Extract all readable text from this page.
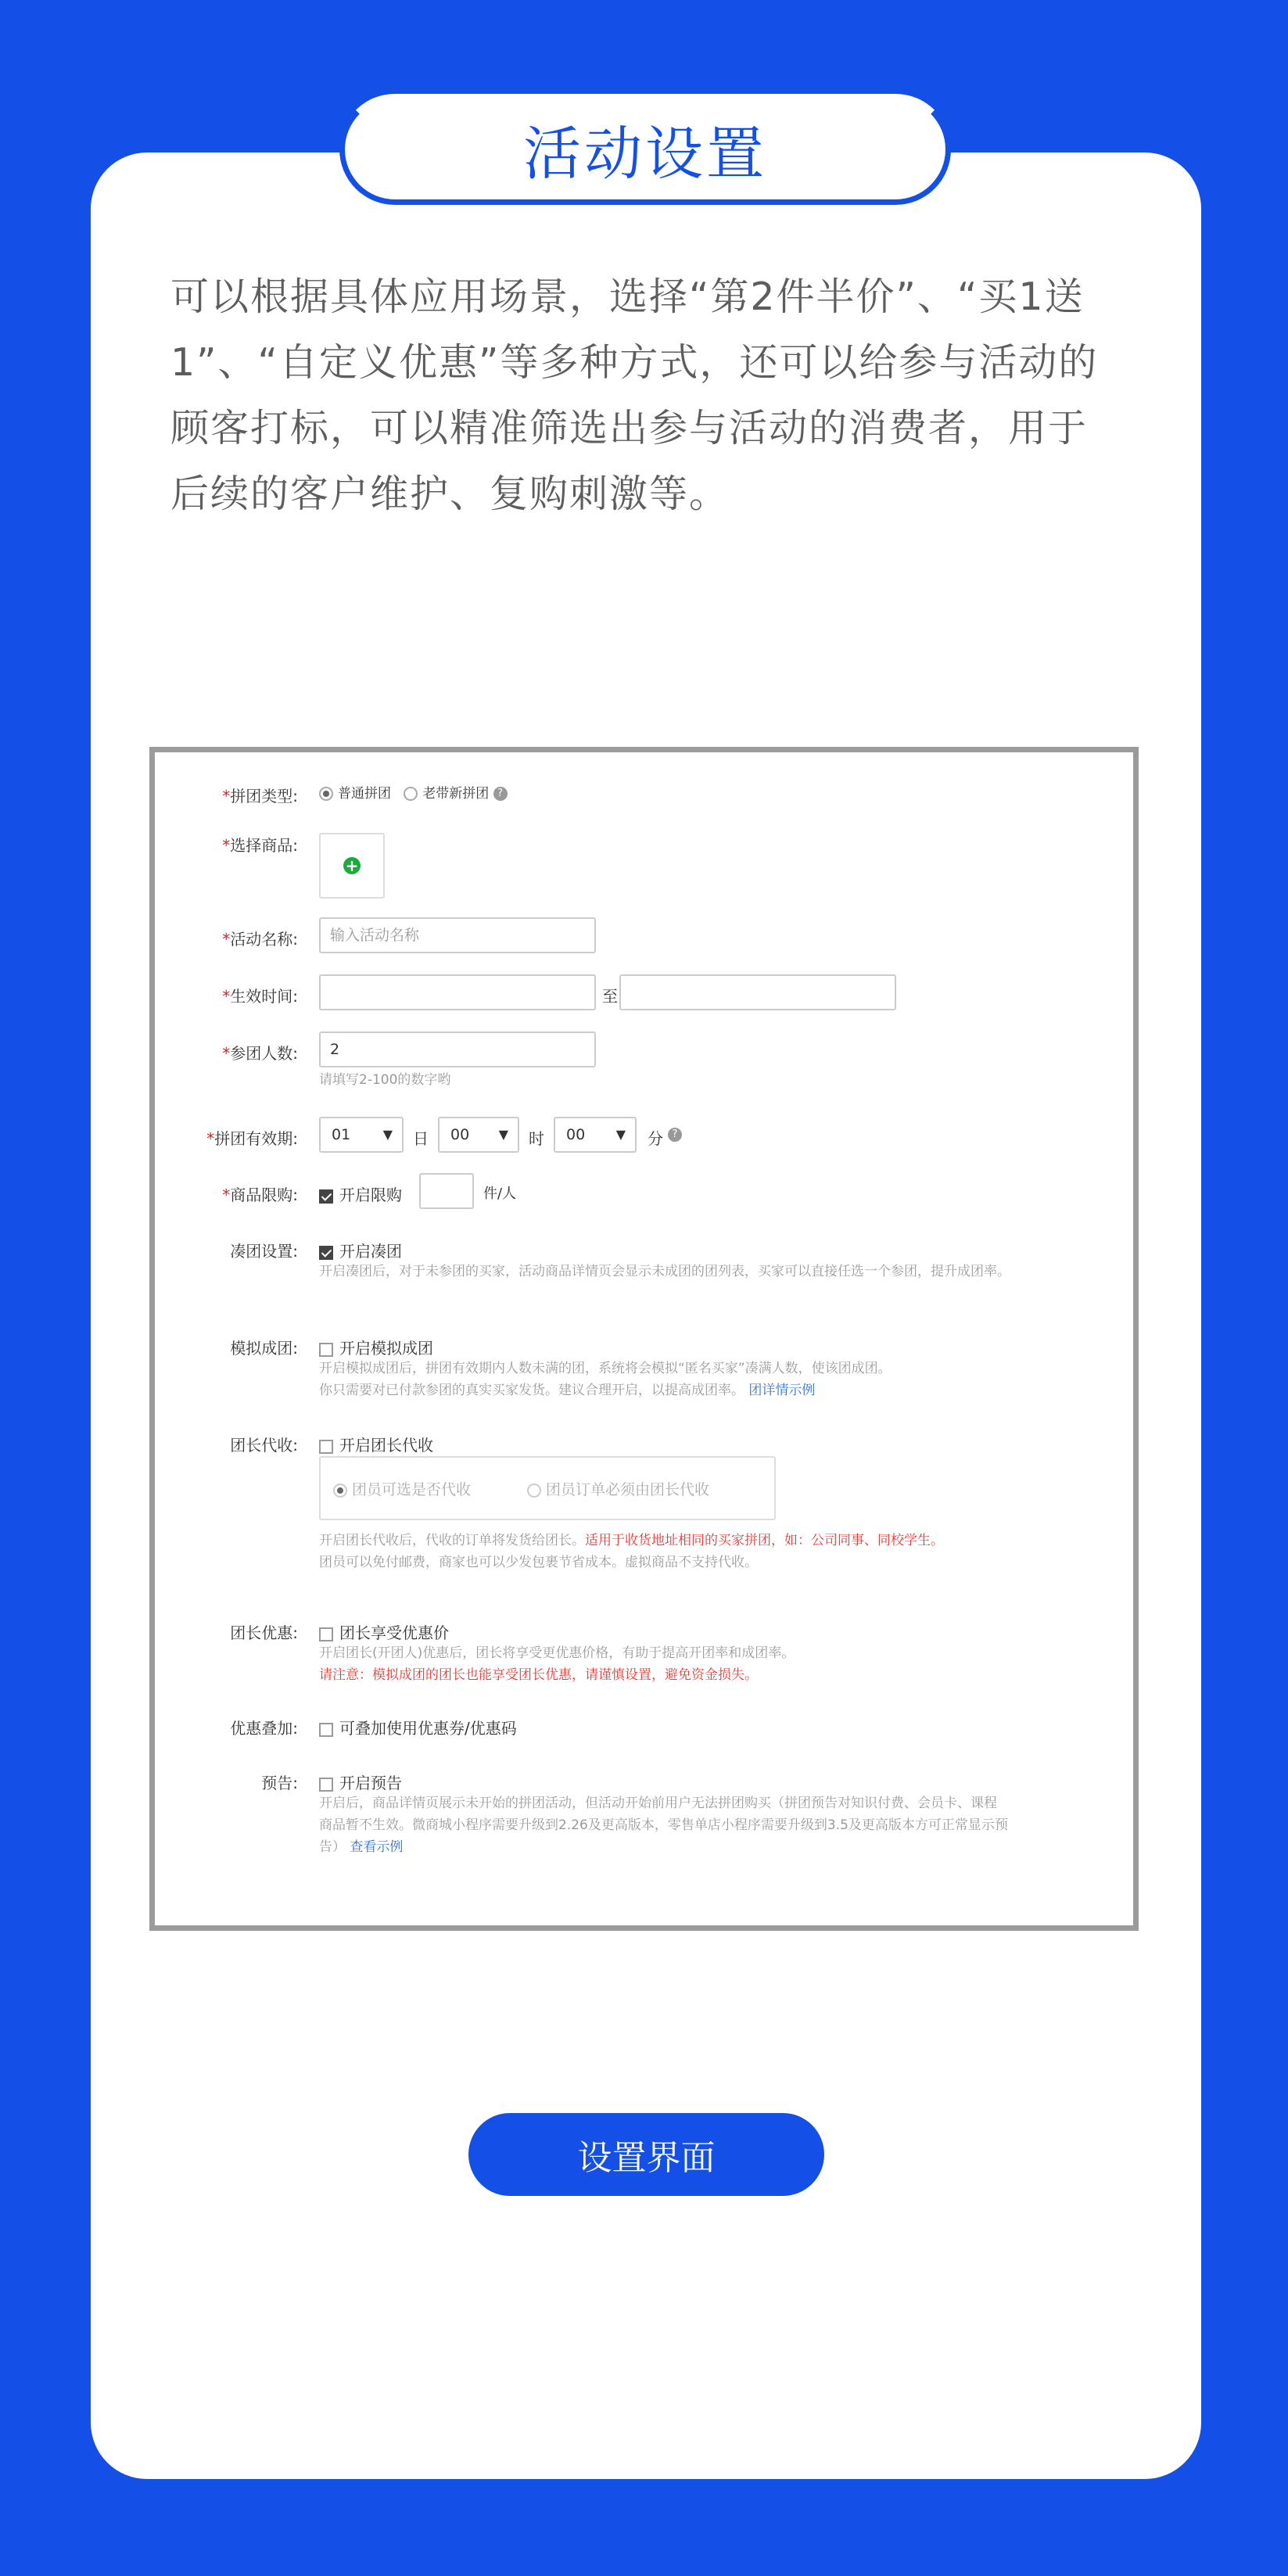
活动设置

可以根据具体应用场景，选择“第2件半价”、“买1送1”、“自定义优惠”等多种方式，还可以给参与活动的顾客打标，可以精准筛选出参与活动的消费者，用于后续的客户维护、复购刺激等。

*拼团类型:	普通拼团 老带新拼团 ?
*选择商品:
+
*活动名称:	输入活动名称
*生效时间:	至
*参团人数:	2
请填写2-100的数字哟
*拼团有效期:	01	▼ 日	00 ▼ 时	00 ▼ 分 ?
*商品限购:	开启限购	件/人
凑团设置:	开启凑团
开启凑团后，对于未参团的买家，活动商品详情页会显示未成团的团列表，买家可以直接任选一个参团，提升成团率。
模拟成团:	开启模拟成团
开启模拟成团后，拼团有效期内人数未满的团，系统将会模拟“匿名买家”凑满人数，使该团成团。
你只需要对已付款参团的真实买家发货。建议合理开启，以提高成团率。 团详情示例
团长代收:	开启团长代收
团员可选是否代收	团员订单必须由团长代收
开启团长代收后，代收的订单将发货给团长。适用于收货地址相同的买家拼团，如：公司同事、同校学生。
团员可以免付邮费，商家也可以少发包裹节省成本。虚拟商品不支持代收。
团长优惠:	团长享受优惠价
开启团长(开团人)优惠后，团长将享受更优惠价格，有助于提高开团率和成团率。
请注意：模拟成团的团长也能享受团长优惠，请谨慎设置，避免资金损失。
优惠叠加:	可叠加使用优惠券/优惠码
预告:	开启预告
开启后，商品详情页展示未开始的拼团活动，但活动开始前用户无法拼团购买（拼团预告对知识付费、会员卡、课程
商品暂不生效。微商城小程序需要升级到2.26及更高版本，零售单店小程序需要升级到3.5及更高版本方可正常显示预
告） 查看示例
设置界面
